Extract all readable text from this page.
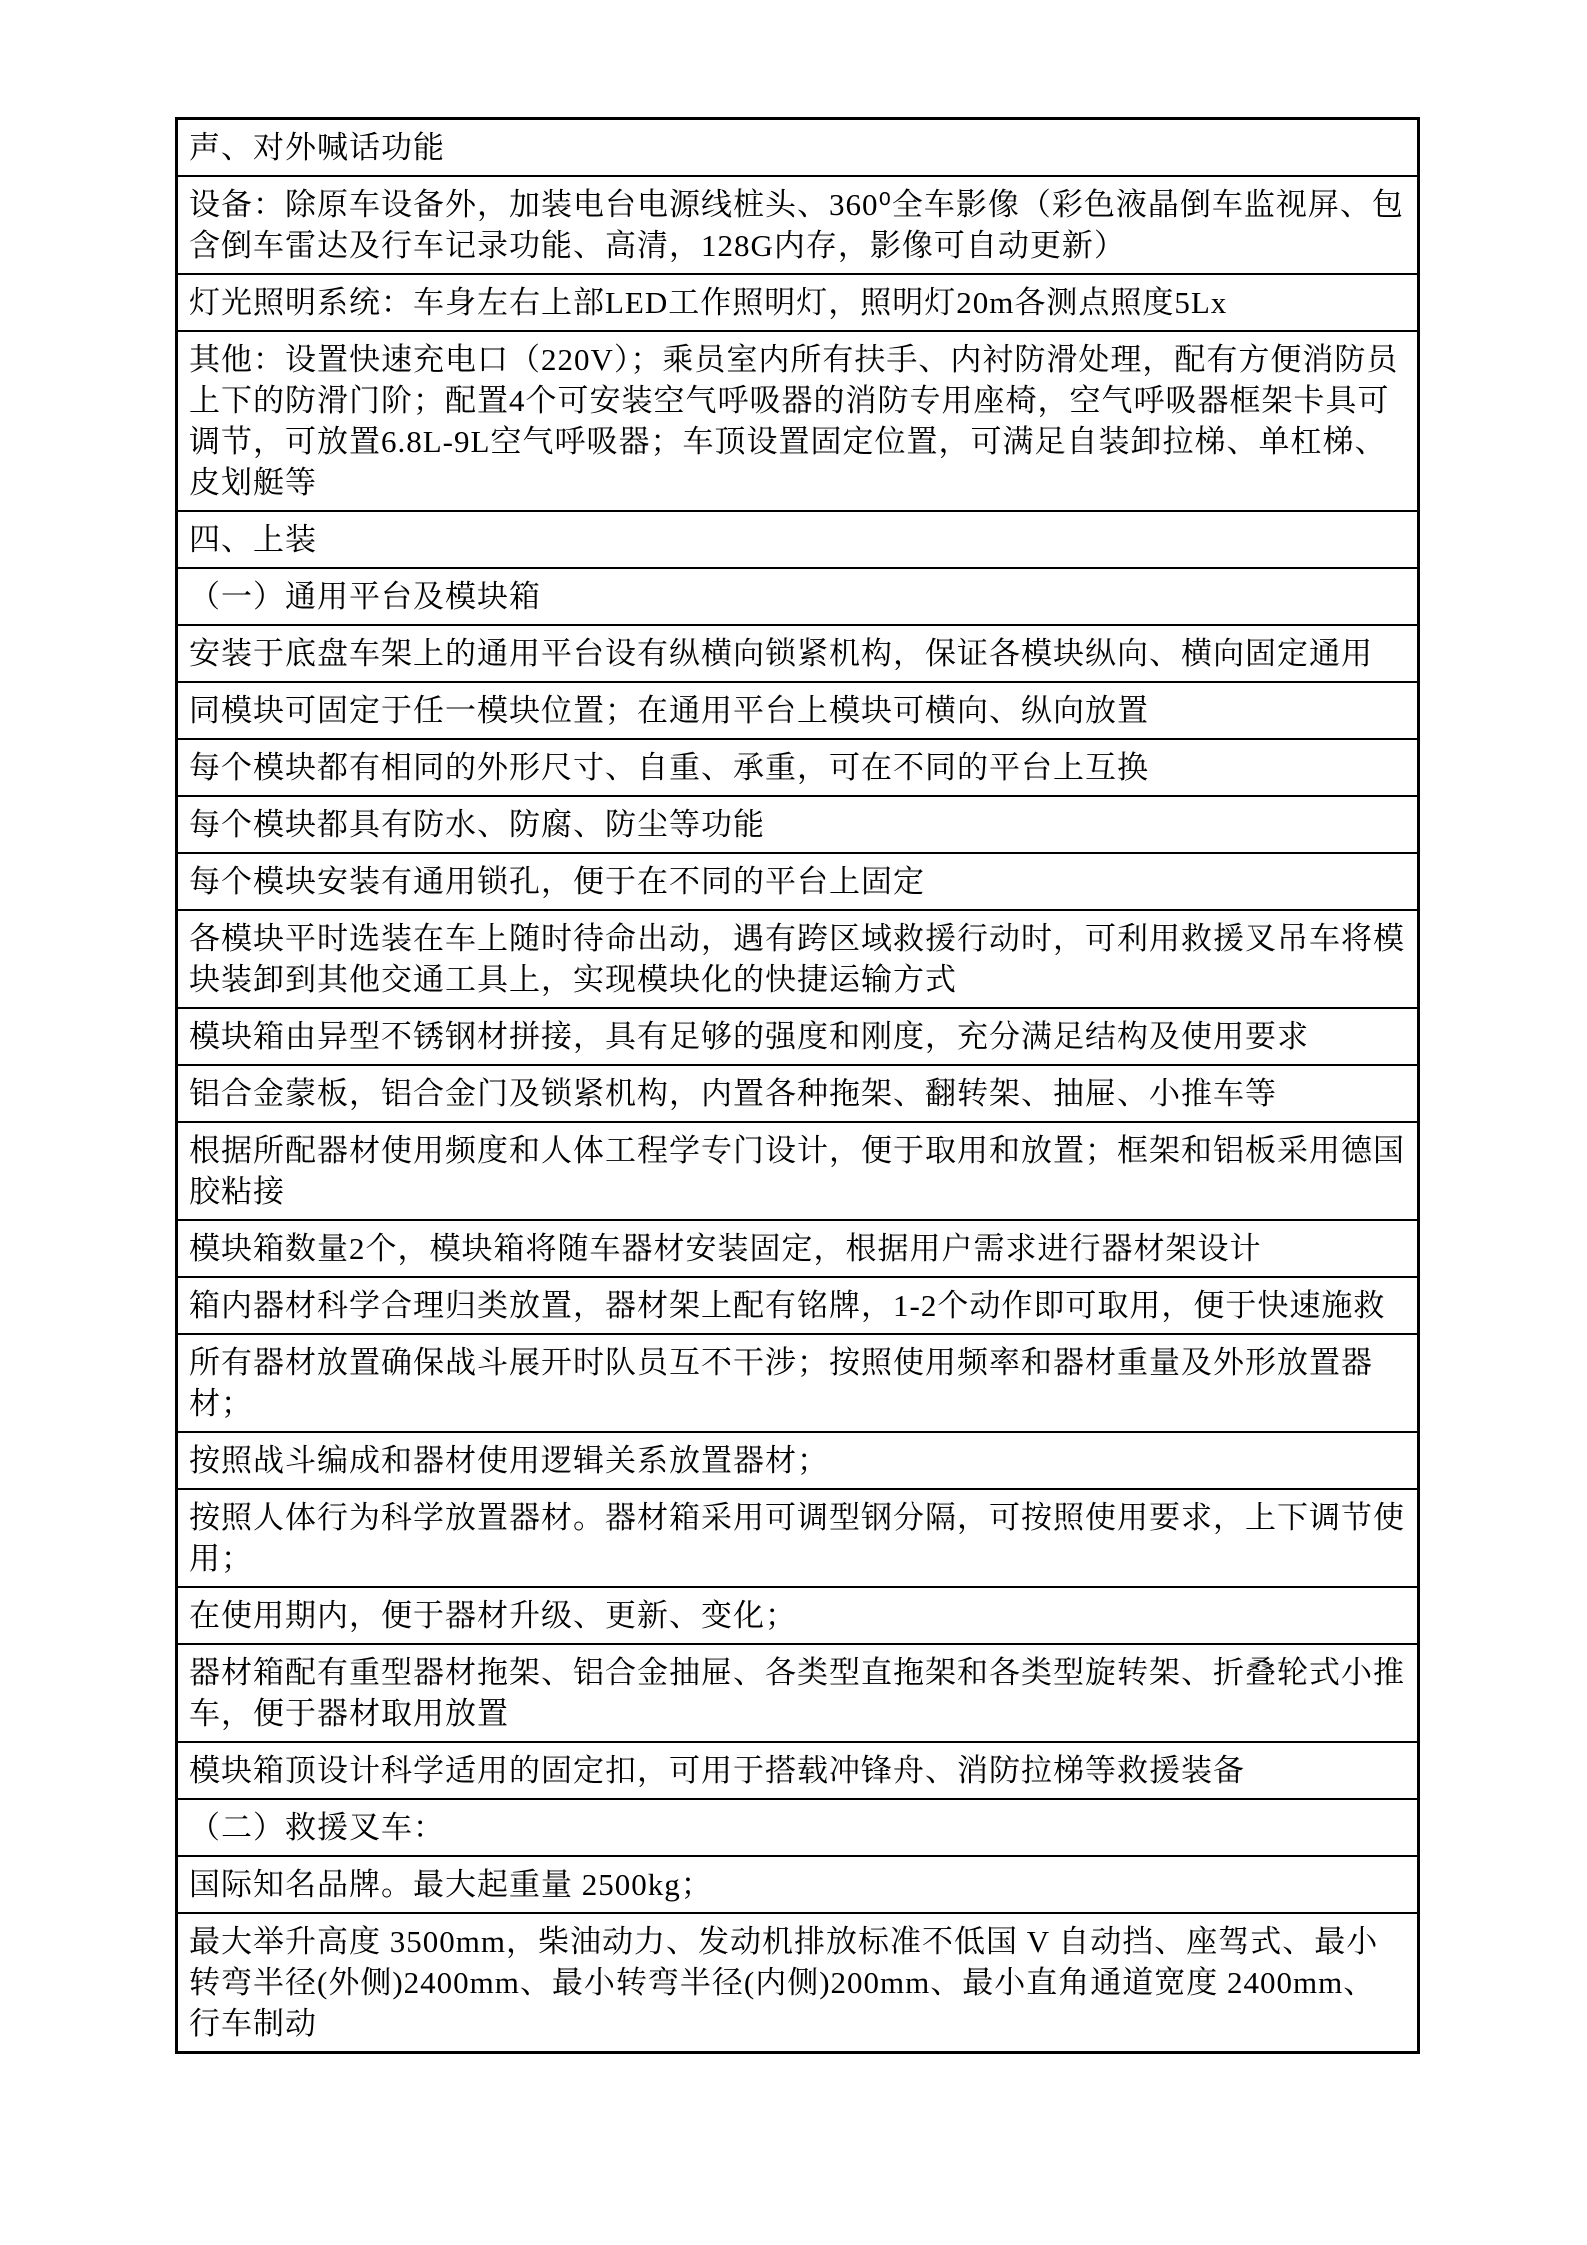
声、对外喊话功能
设备：除原车设备外，加装电台电源线桩头、360⁰全车影像（彩色液晶倒车监视屏、包含倒车雷达及行车记录功能、高清，128G内存，影像可自动更新）
灯光照明系统：车身左右上部LED工作照明灯，照明灯20m各测点照度5Lx
其他：设置快速充电口（220V）；乘员室内所有扶手、内衬防滑处理，配有方便消防员上下的防滑门阶；配置4个可安装空气呼吸器的消防专用座椅，空气呼吸器框架卡具可调节，可放置6.8L-9L空气呼吸器；车顶设置固定位置，可满足自装卸拉梯、单杠梯、皮划艇等
四、上装
（一）通用平台及模块箱
安装于底盘车架上的通用平台设有纵横向锁紧机构，保证各模块纵向、横向固定通用
同模块可固定于任一模块位置；在通用平台上模块可横向、纵向放置
每个模块都有相同的外形尺寸、自重、承重，可在不同的平台上互换
每个模块都具有防水、防腐、防尘等功能
每个模块安装有通用锁孔，便于在不同的平台上固定
各模块平时选装在车上随时待命出动，遇有跨区域救援行动时，可利用救援叉吊车将模块装卸到其他交通工具上，实现模块化的快捷运输方式
模块箱由异型不锈钢材拼接，具有足够的强度和刚度，充分满足结构及使用要求
铝合金蒙板，铝合金门及锁紧机构，内置各种拖架、翻转架、抽屉、小推车等
根据所配器材使用频度和人体工程学专门设计，便于取用和放置；框架和铝板采用德国胶粘接
模块箱数量2个，模块箱将随车器材安装固定，根据用户需求进行器材架设计
箱内器材科学合理归类放置，器材架上配有铭牌，1-2个动作即可取用，便于快速施救
所有器材放置确保战斗展开时队员互不干涉；按照使用频率和器材重量及外形放置器材；
按照战斗编成和器材使用逻辑关系放置器材；
按照人体行为科学放置器材。器材箱采用可调型钢分隔，可按照使用要求，上下调节使用；
在使用期内，便于器材升级、更新、变化；
器材箱配有重型器材拖架、铝合金抽屉、各类型直拖架和各类型旋转架、折叠轮式小推车，便于器材取用放置
模块箱顶设计科学适用的固定扣，可用于搭载冲锋舟、消防拉梯等救援装备
（二）救援叉车：
国际知名品牌。最大起重量 2500kg；
最大举升高度 3500mm，柴油动力、发动机排放标准不低国 V 自动挡、座驾式、最小转弯半径(外侧)2400mm、最小转弯半径(内侧)200mm、最小直角通道宽度 2400mm、行车制动
